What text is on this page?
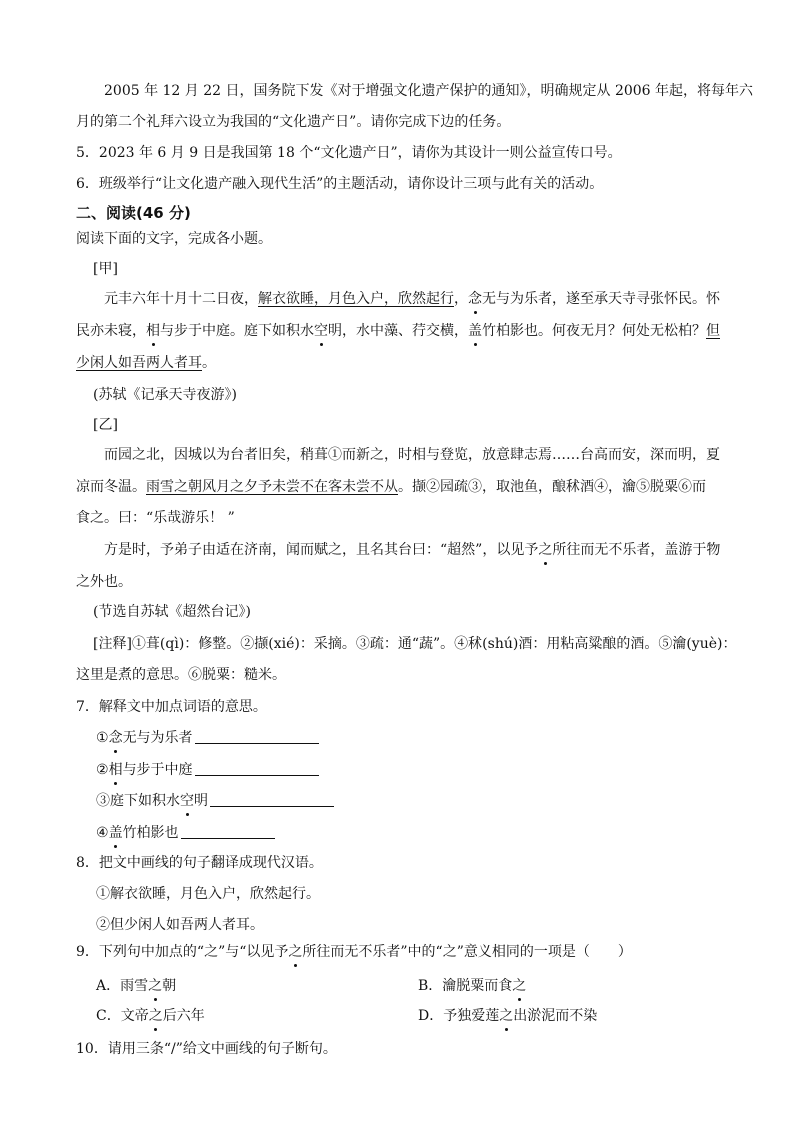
2005 年 12 月 22 日，国务院下发《对于增强文化遗产保护的通知》，明确规定从 2006 年起，将每年六
月的第二个礼拜六设立为我国的“文化遗产日”。请你完成下边的任务。
5．2023 年 6 月 9 日是我国第 18 个“文化遗产日”，请你为其设计一则公益宣传口号。
6．班级举行“让文化遗产融入现代生活”的主题活动，请你设计三项与此有关的活动。
二、阅读(46 分)
阅读下面的文字，完成各小题。
[甲]
元丰六年十月十二日夜，解衣欲睡，月色入户，欣然起行，念无与为乐者，遂至承天寺寻张怀民。怀
民亦未寝，相与步于中庭。庭下如积水空明，水中藻、荇交横，盖竹柏影也。何夜无月？何处无松柏？但
少闲人如吾两人者耳。
(苏轼《记承天寺夜游》)
[乙]
而园之北，因城以为台者旧矣，稍葺①而新之，时相与登览，放意肆志焉……台高而安，深而明，夏
凉而冬温。雨雪之朝风月之夕予未尝不在客未尝不从。撷②园疏③，取池鱼，酿秫酒④，瀹⑤脱粟⑥而
食之。曰：“乐哉游乐！ ”
方是时，予弟子由适在济南，闻而赋之，且名其台曰：“超然”，以见予之所往而无不乐者，盖游于物
之外也。
(节选自苏轼《超然台记》)
[注释]①葺(qì)：修整。②撷(xié)：采摘。③疏：通“蔬”。④秫(shú)酒：用粘高粱酿的酒。⑤瀹(yuè)：
这里是煮的意思。⑥脱粟：糙米。
7．解释文中加点词语的意思。
①念无与为乐者
②相与步于中庭
③庭下如积水空明
④盖竹柏影也
8．把文中画线的句子翻译成现代汉语。
①解衣欲睡，月色入户，欣然起行。
②但少闲人如吾两人者耳。
9．下列句中加点的“之”与“以见予之所往而无不乐者”中的“之”意义相同的一项是（　　）
A．雨雪之朝	B．瀹脱粟而食之
C．文帝之后六年	D．予独爱莲之出淤泥而不染
10．请用三条“/”给文中画线的句子断句。
